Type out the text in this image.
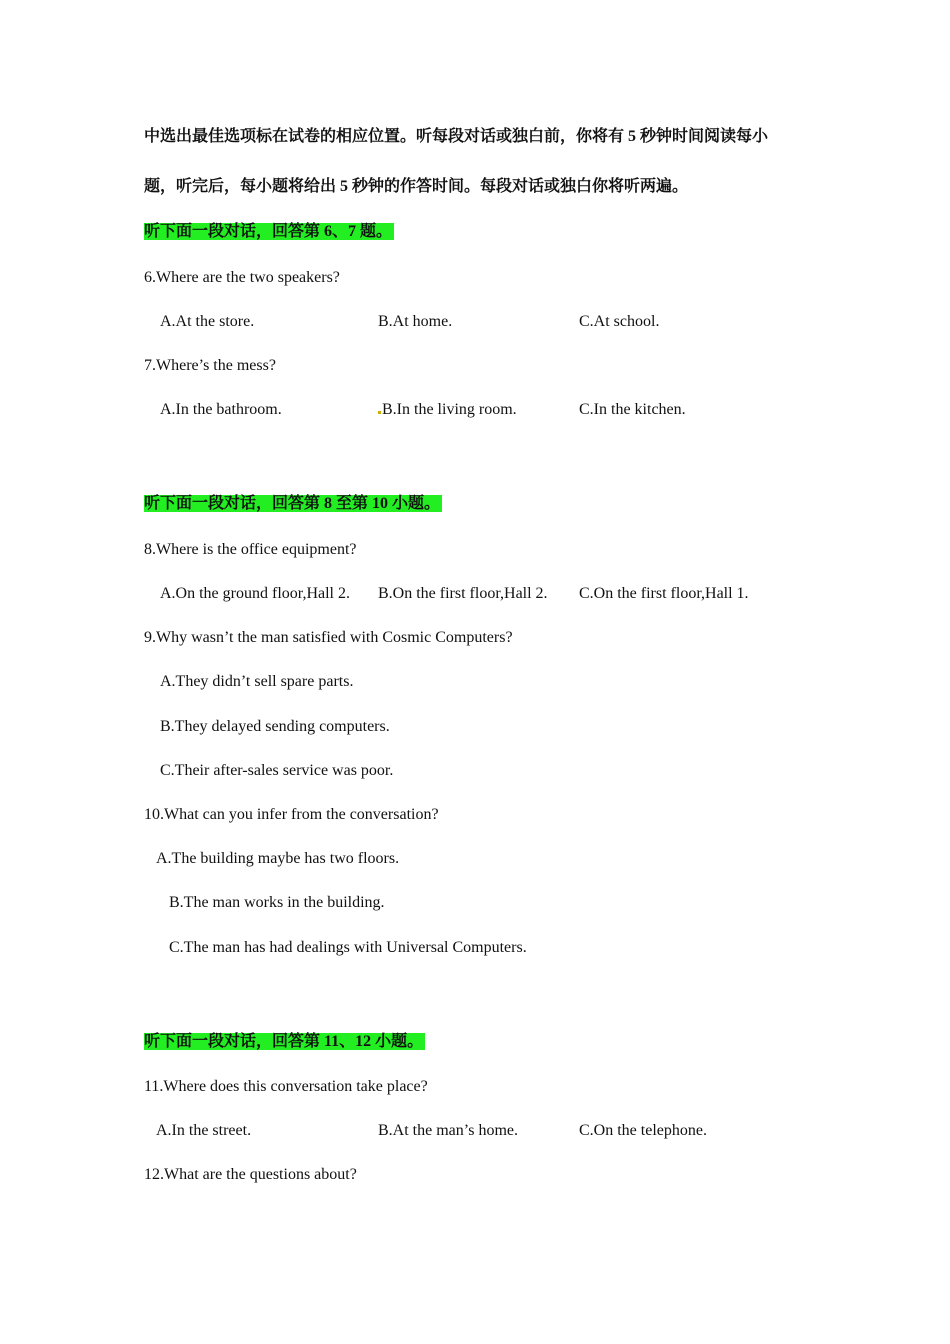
中选出最佳选项标在试卷的相应位置。听每段对话或独白前，你将有 5 秒钟时间阅读每小
题，听完后，每小题将给出 5 秒钟的作答时间。每段对话或独白你将听两遍。
听下面一段对话，回答第 6、7 题。
6.Where are the two speakers?
A.At the store.	B.At home.	C.At school.
7.Where’s the mess?
A.In the bathroom.	B.In the living room.	C.In the kitchen.
听下面一段对话，回答第 8 至第 10 小题。
8.Where is the office equipment?
A.On the ground floor,Hall 2. B.On the first floor,Hall 2. C.On the first floor,Hall 1.
9.Why wasn’t the man satisfied with Cosmic Computers?
A.They didn’t sell spare parts.
B.They delayed sending computers.
C.Their after-sales service was poor.
10.What can you infer from the conversation?
A.The building maybe has two floors.
B.The man works in the building.
C.The man has had dealings with Universal Computers.
听下面一段对话，回答第 11、12 小题。
11.Where does this conversation take place?
A.In the street.	B.At the man’s home.	C.On the telephone.
12.What are the questions about?
